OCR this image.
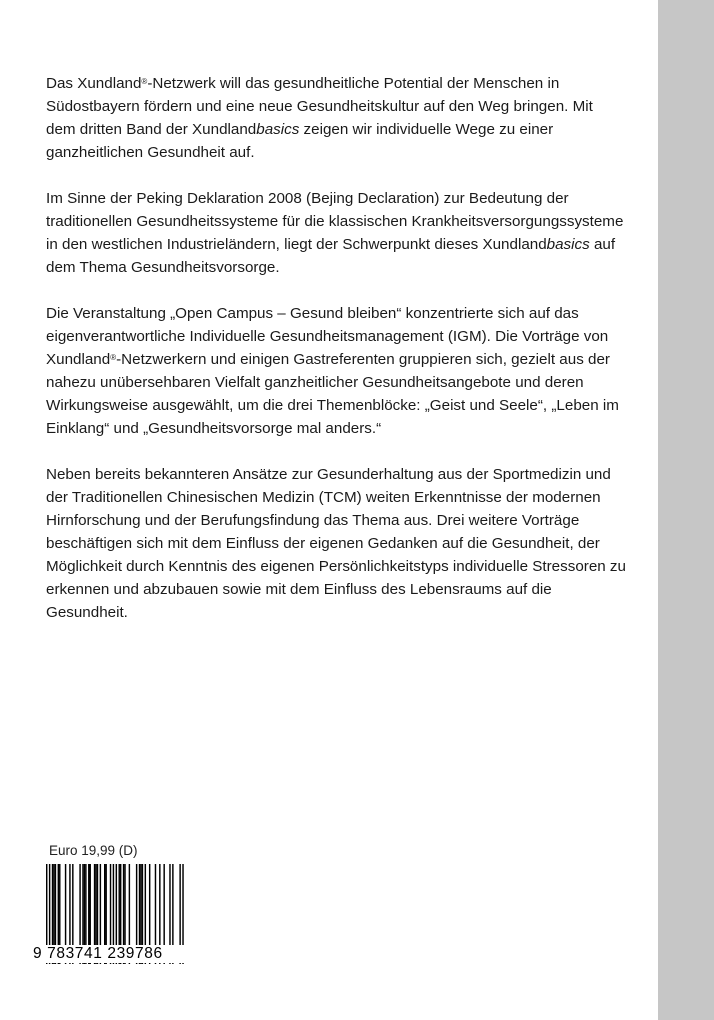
Das Xundland®-Netzwerk will das gesundheitliche Potential der Menschen in Südostbayern fördern und eine neue Gesundheitskultur auf den Weg bringen. Mit dem dritten Band der Xundlandbasics zeigen wir individuelle Wege zu einer ganzheitlichen Gesundheit auf.

Im Sinne der Peking Deklaration 2008 (Bejing Declaration) zur Bedeutung der traditionellen Gesundheitssysteme für die klassischen Krankheitsversorgungssysteme in den westlichen Industrieländern, liegt der Schwerpunkt dieses Xundlandbasics auf dem Thema Gesundheitsvorsorge.

Die Veranstaltung „Open Campus – Gesund bleiben“ konzentrierte sich auf das eigenverantwortliche Individuelle Gesundheitsmanagement (IGM). Die Vorträge von Xundland®-Netzwerkern und einigen Gastreferenten gruppieren sich, gezielt aus der nahezu unübersehbaren Vielfalt ganzheitlicher Gesundheitsangebote und deren Wirkungsweise ausgewählt, um die drei Themenblöcke: „Geist und Seele“, „Leben im Einklang“ und „Gesundheitsvorsorge mal anders.“

Neben bereits bekannteren Ansätze zur Gesunderhaltung aus der Sportmedizin und der Traditionellen Chinesischen Medizin (TCM) weiten Erkenntnisse der modernen Hirnforschung und der Berufungsfindung das Thema aus. Drei weitere Vorträge beschäftigen sich mit dem Einfluss der eigenen Gedanken auf die Gesundheit, der Möglichkeit durch Kenntnis des eigenen Persönlichkeitstyps individuelle Stressoren zu erkennen und abzubauen sowie mit dem Einfluss des Lebensraums auf die Gesundheit.

Euro 19,99 (D)
9 783741 239786
